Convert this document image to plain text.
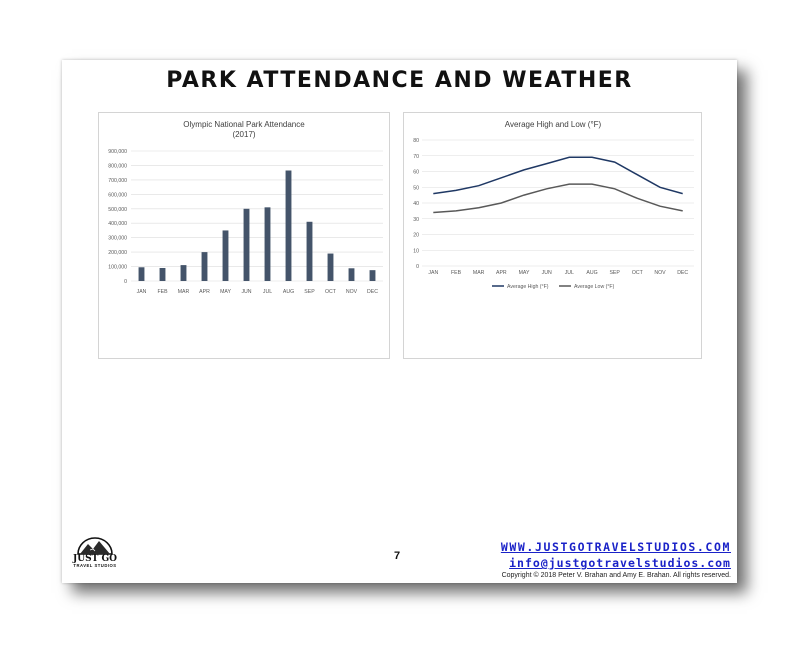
PARK ATTENDANCE AND WEATHER
Olympic National Park Attendance
(2017)
0
100,000
200,000
300,000
400,000
500,000
600,000
700,000
800,000
900,000
JAN FEB MAR APR MAY JUN JUL AUG SEP OCT NOV DEC
Average High and Low (°F)
0
10
20
30
40
50
60
70
80
JAN FEB MAR APR MAY JUN	JUL AUG SEP OCT NOV DEC
Average High (°F)	Average Low (°F)
JUST GO
TRAVEL STUDIOS
7
WWW.JUSTGOTRAVELSTUDIOS.COM
info@justgotravelstudios.com
Copyright © 2018 Peter V. Brahan and Amy E. Brahan. All rights reserved.
